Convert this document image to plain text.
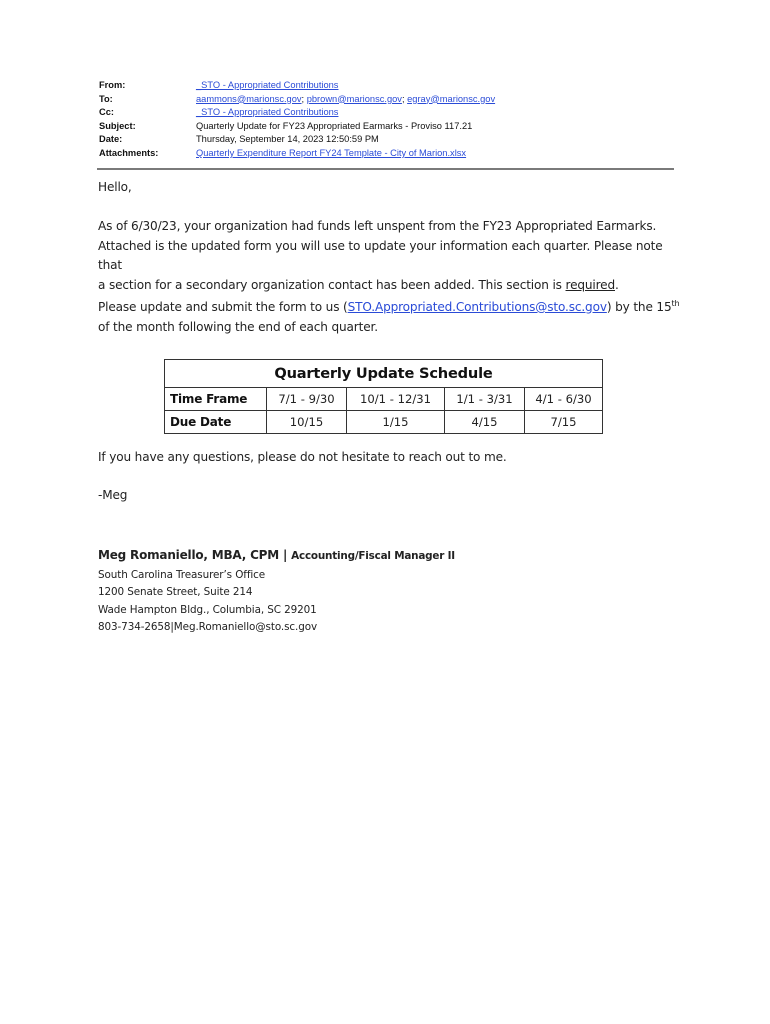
From:	_STO - Appropriated Contributions
To:	aammons@marionsc.gov; pbrown@marionsc.gov; egray@marionsc.gov
Cc:	_STO - Appropriated Contributions
Subject:	Quarterly Update for FY23 Appropriated Earmarks - Proviso 117.21
Date:	Thursday, September 14, 2023 12:50:59 PM
Attachments:	Quarterly Expenditure Report FY24 Template - City of Marion.xlsx

Hello,

As of 6/30/23, your organization had funds left unspent from the FY23 Appropriated Earmarks.
Attached is the updated form you will use to update your information each quarter. Please note that
a section for a secondary organization contact has been added. This section is required.

Please update and submit the form to us (STO.Appropriated.Contributions@sto.sc.gov) by the 15th
of the month following the end of each quarter.

If you have any questions, please do not hesitate to reach out to me.

-Meg

Quarterly Update Schedule
Time Frame	7/1 - 9/30	10/1 - 12/31	1/1 - 3/31	4/1 - 6/30
Due Date	10/15	1/15	4/15	7/15
Meg Romaniello, MBA, CPM | Accounting/Fiscal Manager II
South Carolina Treasurer’s Office
1200 Senate Street, Suite 214
Wade Hampton Bldg., Columbia, SC 29201
803-734-2658|Meg.Romaniello@sto.sc.gov
